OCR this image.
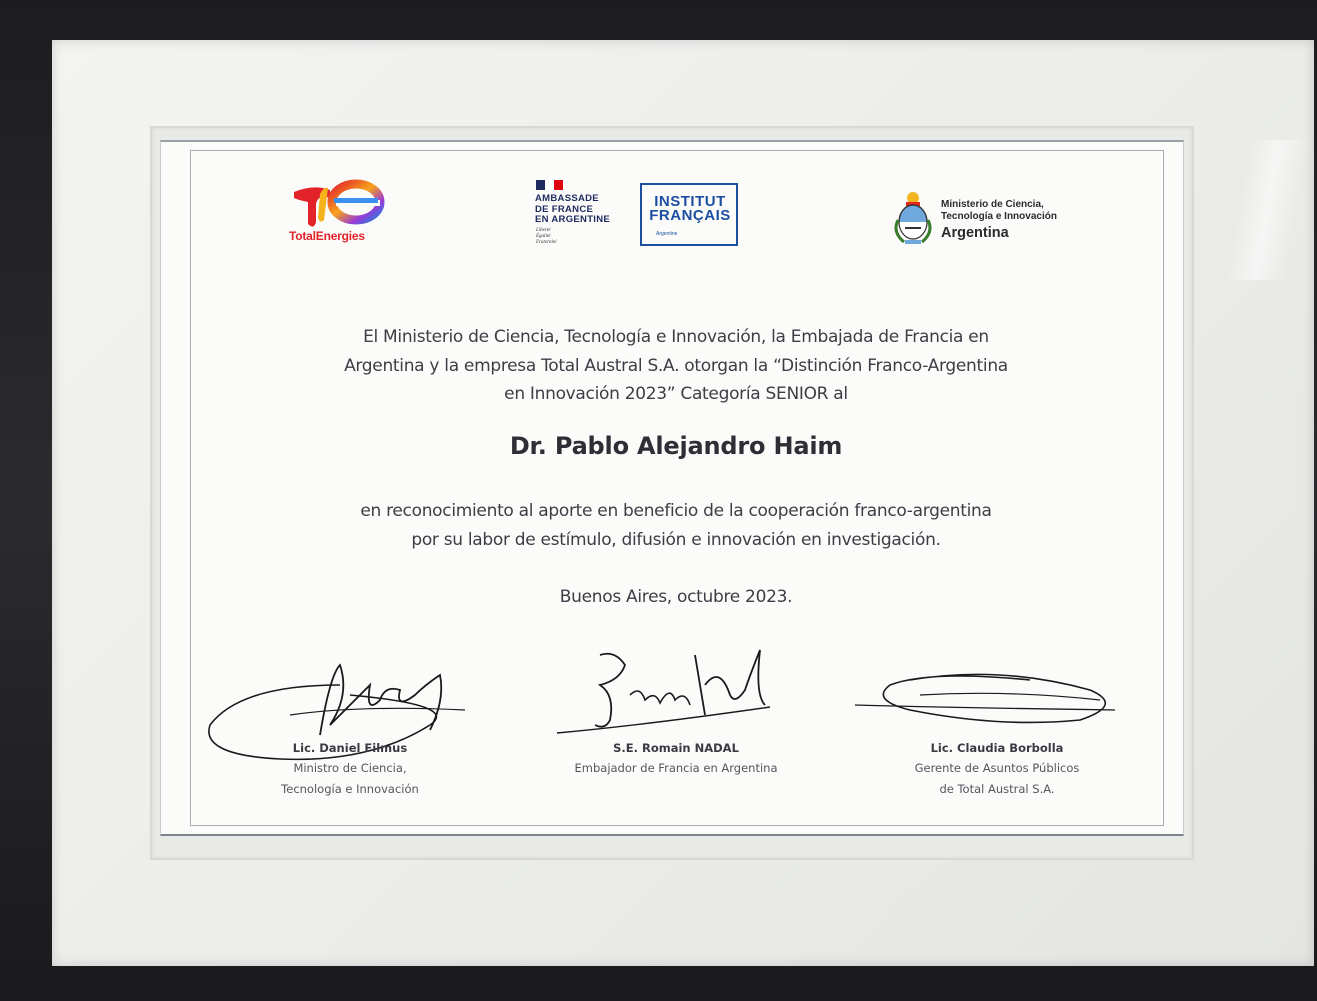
TotalEnergies
AMBASSADE
DE FRANCE
EN ARGENTINE
Liberté
Égalité
Fraternité
INSTITUT
FRANÇAIS
Argentine
Ministerio de Ciencia,
Tecnología e Innovación
Argentina
El Ministerio de Ciencia, Tecnología e Innovación, la Embajada de Francia en
Argentina y la empresa Total Austral S.A. otorgan la “Distinción Franco-Argentina
en Innovación 2023” Categoría SENIOR al
Dr. Pablo Alejandro Haim
en reconocimiento al aporte en beneficio de la cooperación franco-argentina
por su labor de estímulo, difusión e innovación en investigación.
Buenos Aires, octubre 2023.
Lic. Daniel Filmus
Ministro de Ciencia,
Tecnología e Innovación
S.E. Romain NADAL
Embajador de Francia en Argentina
Lic. Claudia Borbolla
Gerente de Asuntos Públicos
de Total Austral S.A.
